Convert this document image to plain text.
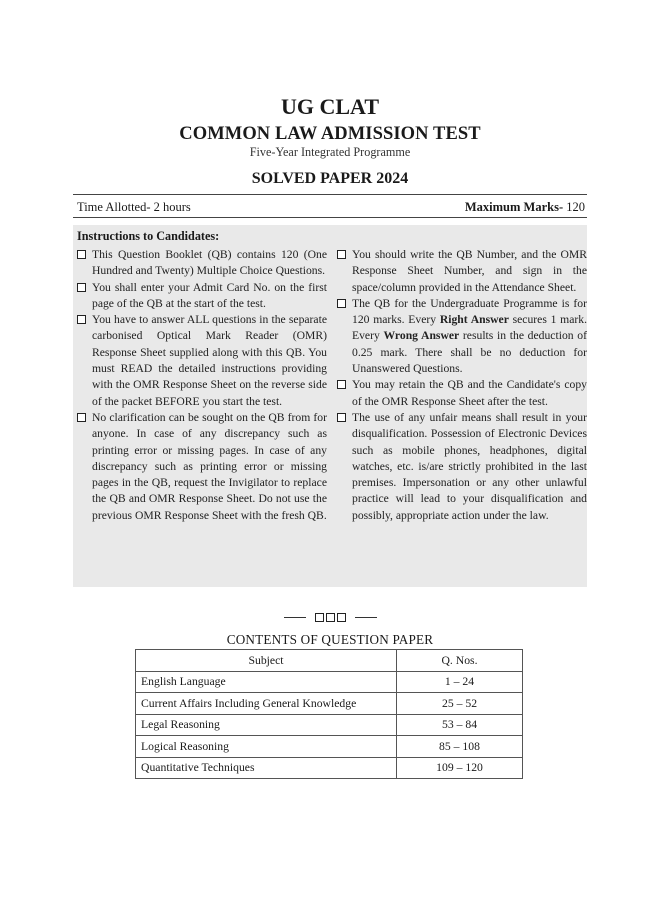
UG CLAT
COMMON LAW ADMISSION TEST
Five-Year Integrated Programme
SOLVED PAPER 2024
Time Allotted- 2 hours	Maximum Marks- 120
Instructions to Candidates:
This Question Booklet (QB) contains 120 (One Hundred and Twenty) Multiple Choice Questions.
You shall enter your Admit Card No. on the first page of the QB at the start of the test.
You have to answer ALL questions in the separate carbonised Optical Mark Reader (OMR) Response Sheet supplied along with this QB. You must READ the detailed instructions providing with the OMR Response Sheet on the reverse side of the packet BEFORE you start the test.
No clarification can be sought on the QB from for anyone. In case of any discrepancy such as printing error or missing pages. In case of any discrepancy such as printing error or missing pages in the QB, request the Invigilator to replace the QB and OMR Response Sheet. Do not use the previous OMR Response Sheet with the fresh QB.
You should write the QB Number, and the OMR Response Sheet Number, and sign in the space/column provided in the Attendance Sheet.
The QB for the Undergraduate Programme is for 120 marks. Every Right Answer secures 1 mark. Every Wrong Answer results in the deduction of 0.25 mark. There shall be no deduction for Unanswered Questions.
You may retain the QB and the Candidate's copy of the OMR Response Sheet after the test.
The use of any unfair means shall result in your disqualification. Possession of Electronic Devices such as mobile phones, headphones, digital watches, etc. is/are strictly prohibited in the last premises. Impersonation or any other unlawful practice will lead to your disqualification and possibly, appropriate action under the law.
CONTENTS OF QUESTION PAPER
Subject	Q. Nos.
English Language	1 – 24
Current Affairs Including General Knowledge	25 – 52
Legal Reasoning	53 – 84
Logical Reasoning	85 – 108
Quantitative Techniques	109 – 120
